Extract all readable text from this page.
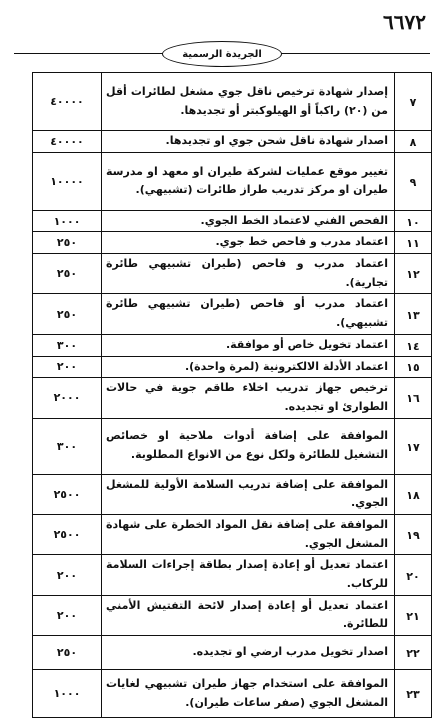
٦٦٧٢
الجريدة الرسمية
٧	إصدار شهادة ترخيص ناقل جوي مشغل لطائرات أقل من (٢٠) راكباً أو الهيلوكبتر أو تجديدها.	٤٠٠٠٠
٨	اصدار شهادة ناقل شحن جوي او تجديدها.	٤٠٠٠٠
٩	تغيير موقع عمليات لشركة طيران او معهد او مدرسة طيران او مركز تدريب طراز طائرات (تشبيهي).	١٠٠٠٠
١٠	الفحص الفني لاعتماد الخط الجوي.	١٠٠٠
١١	اعتماد مدرب و فاحص خط جوي.	٢٥٠
١٢	اعتماد مدرب و فاحص (طيران تشبيهي طائرة تجارية).	٢٥٠
١٣	اعتماد مدرب أو فاحص (طيران تشبيهي طائرة تشبيهي).	٢٥٠
١٤	اعتماد تخويل خاص أو موافقة.	٣٠٠
١٥	اعتماد الأدلة الالكترونية (لمرة واحدة).	٢٠٠
١٦	ترخيص جهاز تدريب اخلاء طاقم جوية في حالات الطوارئ او تجديده.	٢٠٠٠
١٧	الموافقة على إضافة أدوات ملاحية او خصائص التشغيل للطائرة ولكل نوع من الانواع المطلوبة.	٣٠٠
١٨	الموافقة على إضافة تدريب السلامة الأولية للمشغل الجوي.	٢٥٠٠
١٩	الموافقة على إضافة نقل المواد الخطرة على شهادة المشغل الجوي.	٢٥٠٠
٢٠	اعتماد تعديل أو إعادة إصدار بطاقة إجراءات السلامة للركاب.	٢٠٠
٢١	اعتماد تعديل أو إعادة إصدار لائحة التفتيش الأمني للطائرة.	٢٠٠
٢٢	اصدار تخويل مدرب ارضي او تجديده.	٢٥٠
٢٣	الموافقة على استخدام جهاز طيران تشبيهي لغايات المشغل الجوي (صفر ساعات طيران).	١٠٠٠
